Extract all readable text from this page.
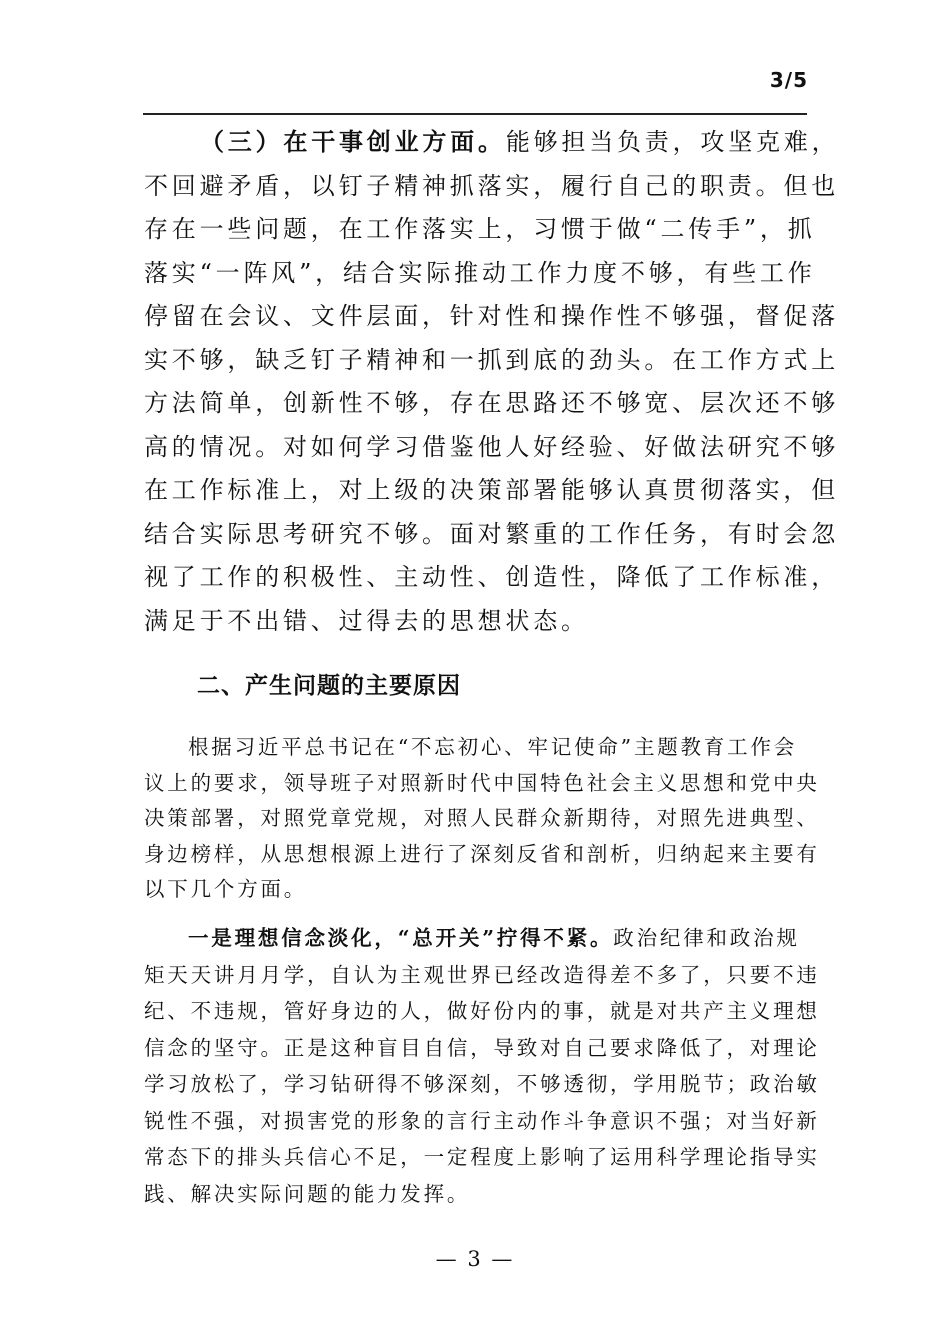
3/5
（三）在干事创业方面。能够担当负责，攻坚克难，
不回避矛盾，以钉子精神抓落实，履行自己的职责。但也
存在一些问题，在工作落实上，习惯于做“二传手”，抓
落实“一阵风”，结合实际推动工作力度不够，有些工作
停留在会议、文件层面，针对性和操作性不够强，督促落
实不够，缺乏钉子精神和一抓到底的劲头。在工作方式上
方法简单，创新性不够，存在思路还不够宽、层次还不够
高的情况。对如何学习借鉴他人好经验、好做法研究不够
在工作标准上，对上级的决策部署能够认真贯彻落实，但
结合实际思考研究不够。面对繁重的工作任务，有时会忽
视了工作的积极性、主动性、创造性，降低了工作标准，
满足于不出错、过得去的思想状态。
二、产生问题的主要原因
根据习近平总书记在“不忘初心、牢记使命”主题教育工作会
议上的要求，领导班子对照新时代中国特色社会主义思想和党中央
决策部署，对照党章党规，对照人民群众新期待，对照先进典型、
身边榜样，从思想根源上进行了深刻反省和剖析，归纳起来主要有
以下几个方面。
一是理想信念淡化，“总开关”拧得不紧。政治纪律和政治规
矩天天讲月月学，自认为主观世界已经改造得差不多了，只要不违
纪、不违规，管好身边的人，做好份内的事，就是对共产主义理想
信念的坚守。正是这种盲目自信，导致对自己要求降低了，对理论
学习放松了，学习钻研得不够深刻，不够透彻，学用脱节；政治敏
锐性不强，对损害党的形象的言行主动作斗争意识不强；对当好新
常态下的排头兵信心不足，一定程度上影响了运用科学理论指导实
践、解决实际问题的能力发挥。
— 3 —
